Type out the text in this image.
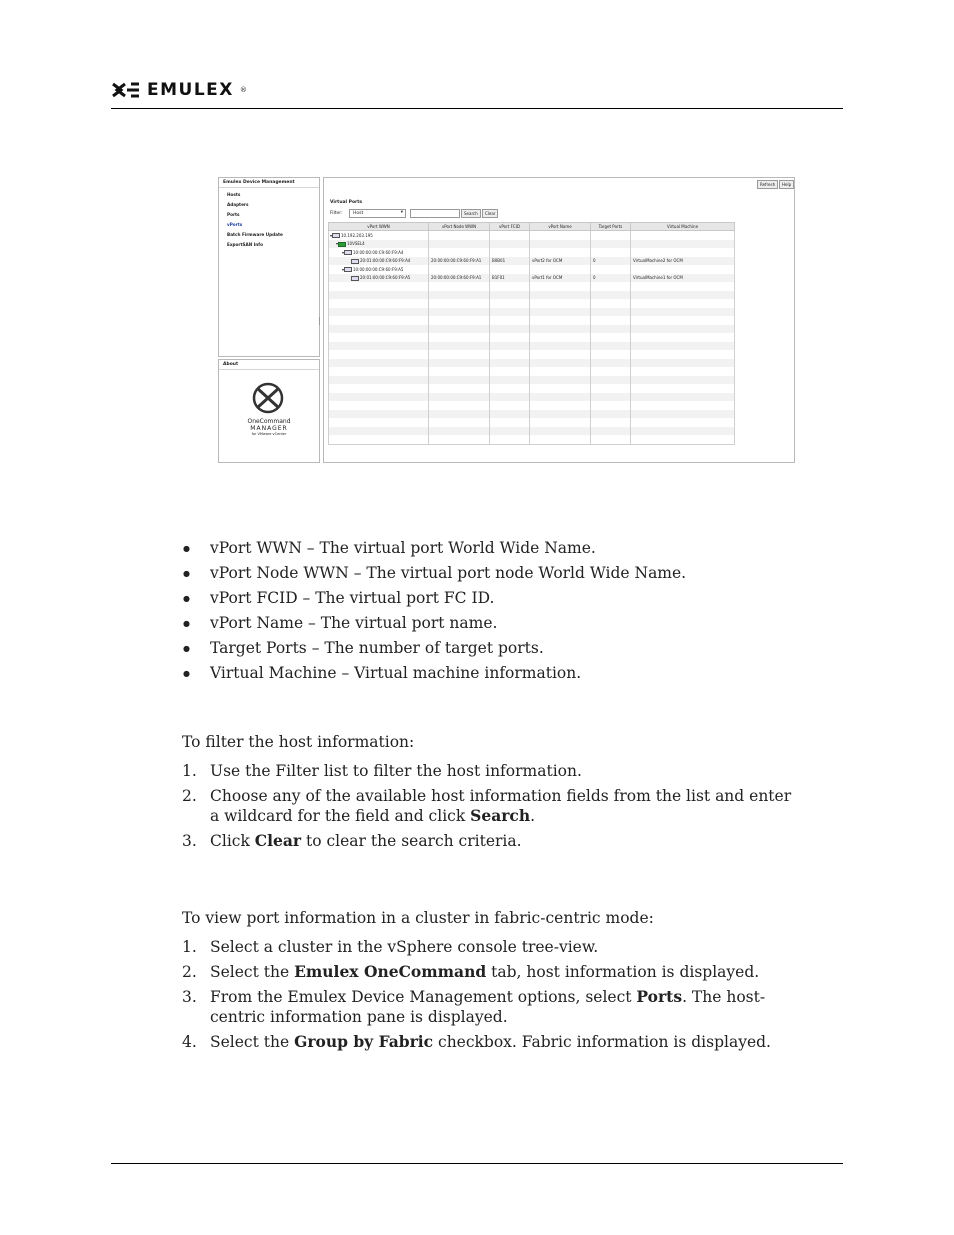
EMULEX ®
Emulex Device Management
Hosts
Adapters
Ports
vPorts
Batch Firmware Update
ExportSAN Info
About
OneCommand
MANAGER
for VMware vCenter
Refresh	Help
Virtual Ports
Filter: Host	▾	Search	Clear
vPort WWN	vPort Node WWN	vPort FCID	vPort Name	Target Ports	Virtual Machine
▾ 10.192.203.195					
▾ 10VSEL4					
▾ 10:00:00:00:C9:60:F9:A4					
20:01:00:00:C9:60:F9:A4	20:00:00:00:C9:60:F9:A1	B0B01	vPort2 for OCM	0	VirtualMachine2 for OCM
▾ 10:00:00:00:C9:60:F9:A5					
20:01:00:00:C9:60:F9:A5	20:00:00:00:C9:60:F9:A1	B1F01	vPort1 for OCM	0	VirtualMachine1 for OCM

● vPort WWN – The virtual port World Wide Name.
● vPort Node WWN – The virtual port node World Wide Name.
● vPort FCID – The virtual port FC ID.
● vPort Name – The virtual port name.
● Target Ports – The number of target ports.
● Virtual Machine – Virtual machine information.
To filter the host information:
1. Use the Filter list to filter the host information.
2. Choose any of the available host information fields from the list and enter a wildcard for the field and click Search.
3. Click Clear to clear the search criteria.
To view port information in a cluster in fabric-centric mode:
1. Select a cluster in the vSphere console tree-view.
2. Select the Emulex OneCommand tab, host information is displayed.
3. From the Emulex Device Management options, select Ports. The host-centric information pane is displayed.
4. Select the Group by Fabric checkbox. Fabric information is displayed.
